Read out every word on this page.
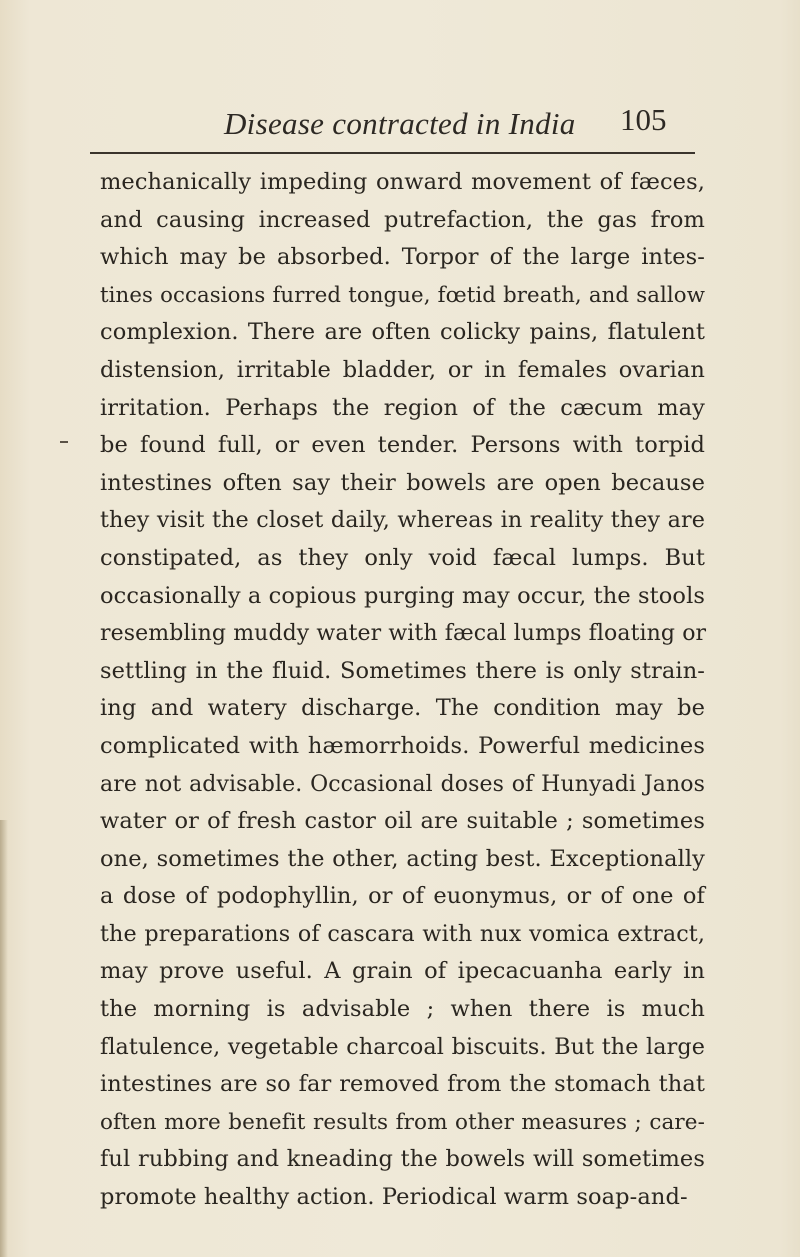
Disease contracted in India 105
mechanically impeding onward movement of fæces,
and causing increased putrefaction, the gas from
which may be absorbed. Torpor of the large intes-
tines occasions furred tongue, fœtid breath, and sallow
complexion. There are often colicky pains, flatulent
distension, irritable bladder, or in females ovarian
irritation. Perhaps the region of the cæcum may
be found full, or even tender. Persons with torpid
intestines often say their bowels are open because
they visit the closet daily, whereas in reality they are
constipated, as they only void fæcal lumps. But
occasionally a copious purging may occur, the stools
resembling muddy water with fæcal lumps floating or
settling in the fluid. Sometimes there is only strain-
ing and watery discharge. The condition may be
complicated with hæmorrhoids. Powerful medicines
are not advisable. Occasional doses of Hunyadi Janos
water or of fresh castor oil are suitable ; sometimes
one, sometimes the other, acting best. Exceptionally
a dose of podophyllin, or of euonymus, or of one of
the preparations of cascara with nux vomica extract,
may prove useful. A grain of ipecacuanha early in
the morning is advisable ; when there is much
flatulence, vegetable charcoal biscuits. But the large
intestines are so far removed from the stomach that
often more benefit results from other measures ; care-
ful rubbing and kneading the bowels will sometimes
promote healthy action. Periodical warm soap-and-
